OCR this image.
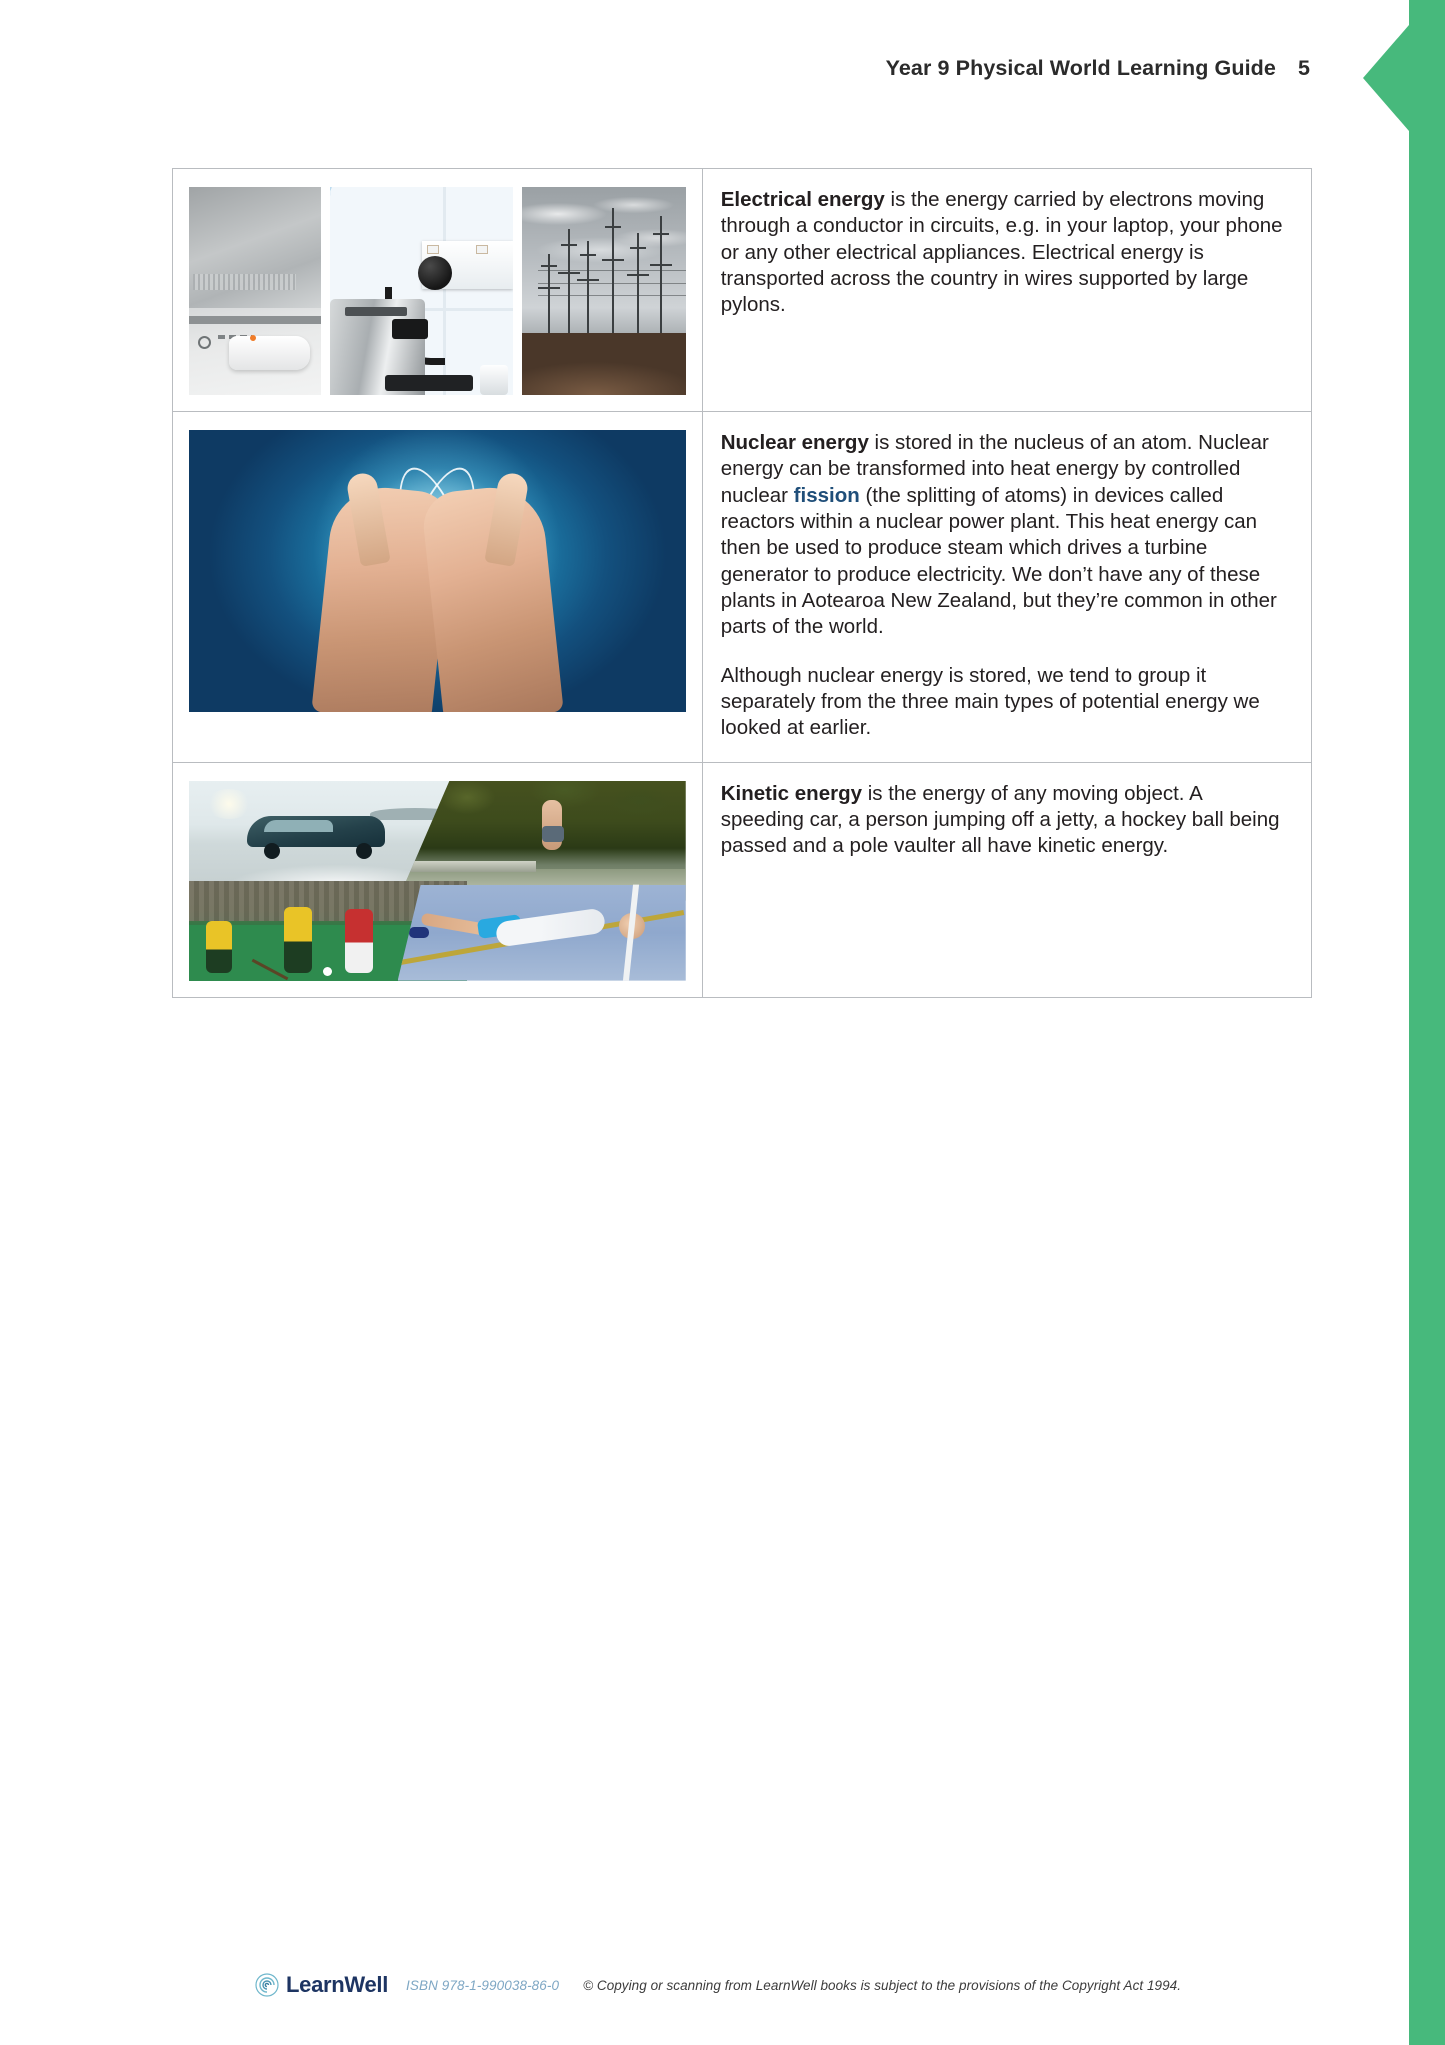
Year 9 Physical World Learning Guide 5

	Electrical energy is the energy carried by electrons moving through a conductor in circuits, e.g. in your laptop, your phone or any other electrical appliances. Electrical energy is transported across the country in wires supported by large pylons.

	Nuclear energy is stored in the nucleus of an atom. Nuclear energy can be transformed into heat energy by controlled nuclear fission (the splitting of atoms) in devices called reactors within a nuclear power plant. This heat energy can then be used to produce steam which drives a turbine generator to produce electricity. We don’t have any of these plants in Aotearoa New Zealand, but they’re common in other parts of the world.

Although nuclear energy is stored, we tend to group it separately from the three main types of potential energy we looked at earlier.

	Kinetic energy is the energy of any moving object. A speeding car, a person jumping off a jetty, a hockey ball being passed and a pole vaulter all have kinetic energy.

LearnWell ISBN 978-1-990038-86-0 © Copying or scanning from LearnWell books is subject to the provisions of the Copyright Act 1994.
